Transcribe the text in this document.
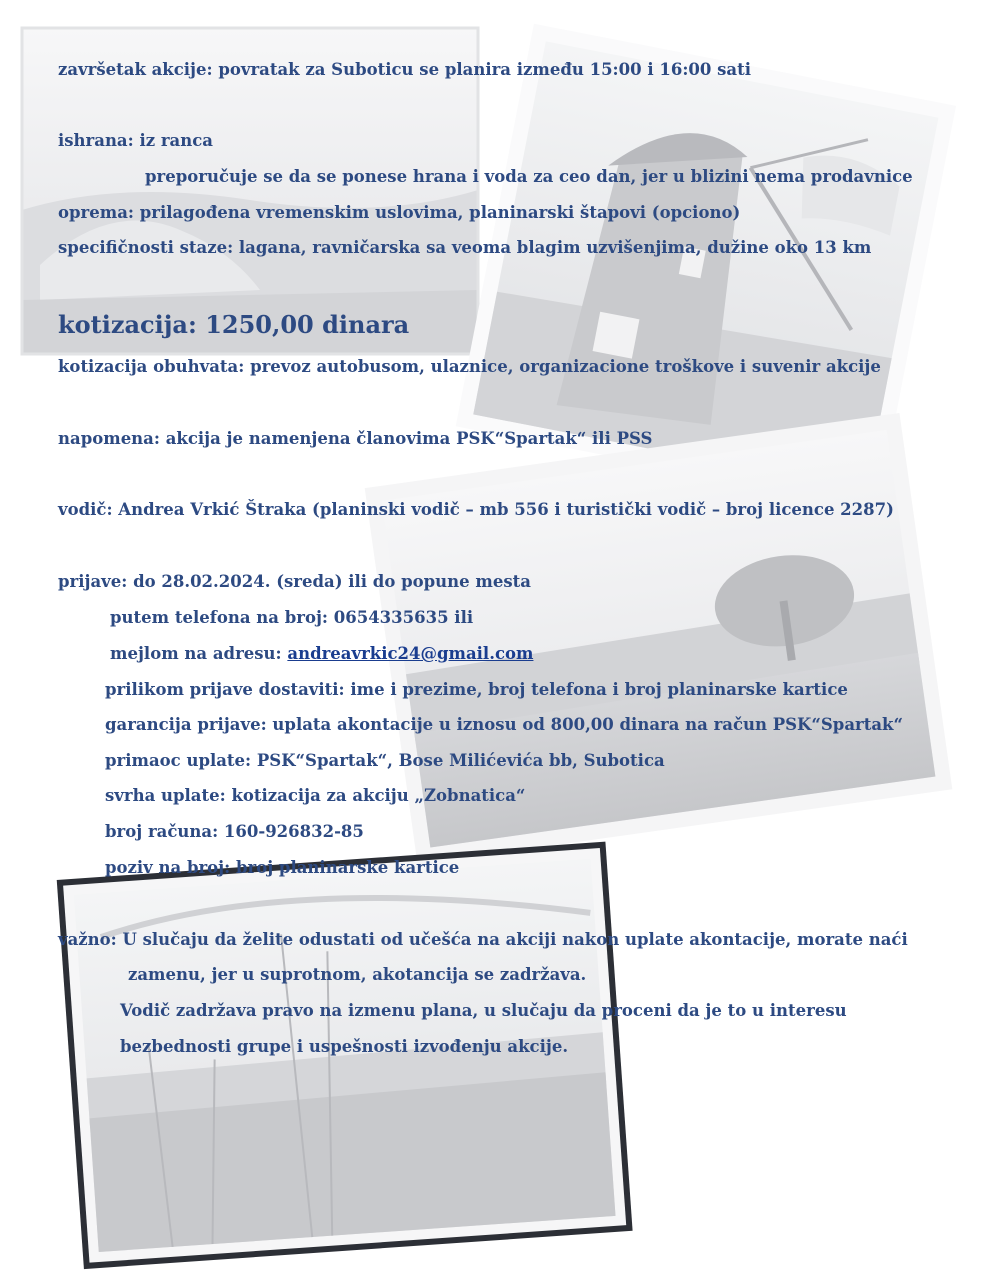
završetak akcije: povratak za Suboticu se planira između 15:00 i 16:00 sati
ishrana: iz ranca
preporučuje se da se ponese hrana i voda za ceo dan, jer u blizini nema prodavnice
oprema: prilagođena vremenskim uslovima, planinarski štapovi (opciono)
specifičnosti staze: lagana, ravničarska sa veoma blagim uzvišenjima, dužine oko 13 km
kotizacija: 1250,00 dinara
kotizacija obuhvata: prevoz autobusom, ulaznice, organizacione troškove i suvenir akcije
napomena: akcija je namenjena članovima PSK“Spartak“ ili PSS
vodič: Andrea Vrkić Štraka (planinski vodič – mb 556 i turistički vodič – broj licence 2287)
prijave: do 28.02.2024. (sreda) ili do popune mesta
putem telefona na broj: 0654335635 ili
mejlom na adresu: andreavrkic24@gmail.com
prilikom prijave dostaviti: ime i prezime, broj telefona i broj planinarske kartice
garancija prijave: uplata akontacije u iznosu od 800,00 dinara na račun PSK“Spartak“
primaoc uplate: PSK“Spartak“, Bose Milićevića bb, Subotica
svrha uplate: kotizacija za akciju „Zobnatica“
broj računa: 160-926832-85
poziv na broj: broj planinarske kartice
važno: U slučaju da želite odustati od učešća na akciji nakon uplate akontacije, morate naći
zamenu, jer u suprotnom, akotancija se zadržava.
Vodič zadržava pravo na izmenu plana, u slučaju da proceni da je to u interesu
bezbednosti grupe i uspešnosti izvođenju akcije.
